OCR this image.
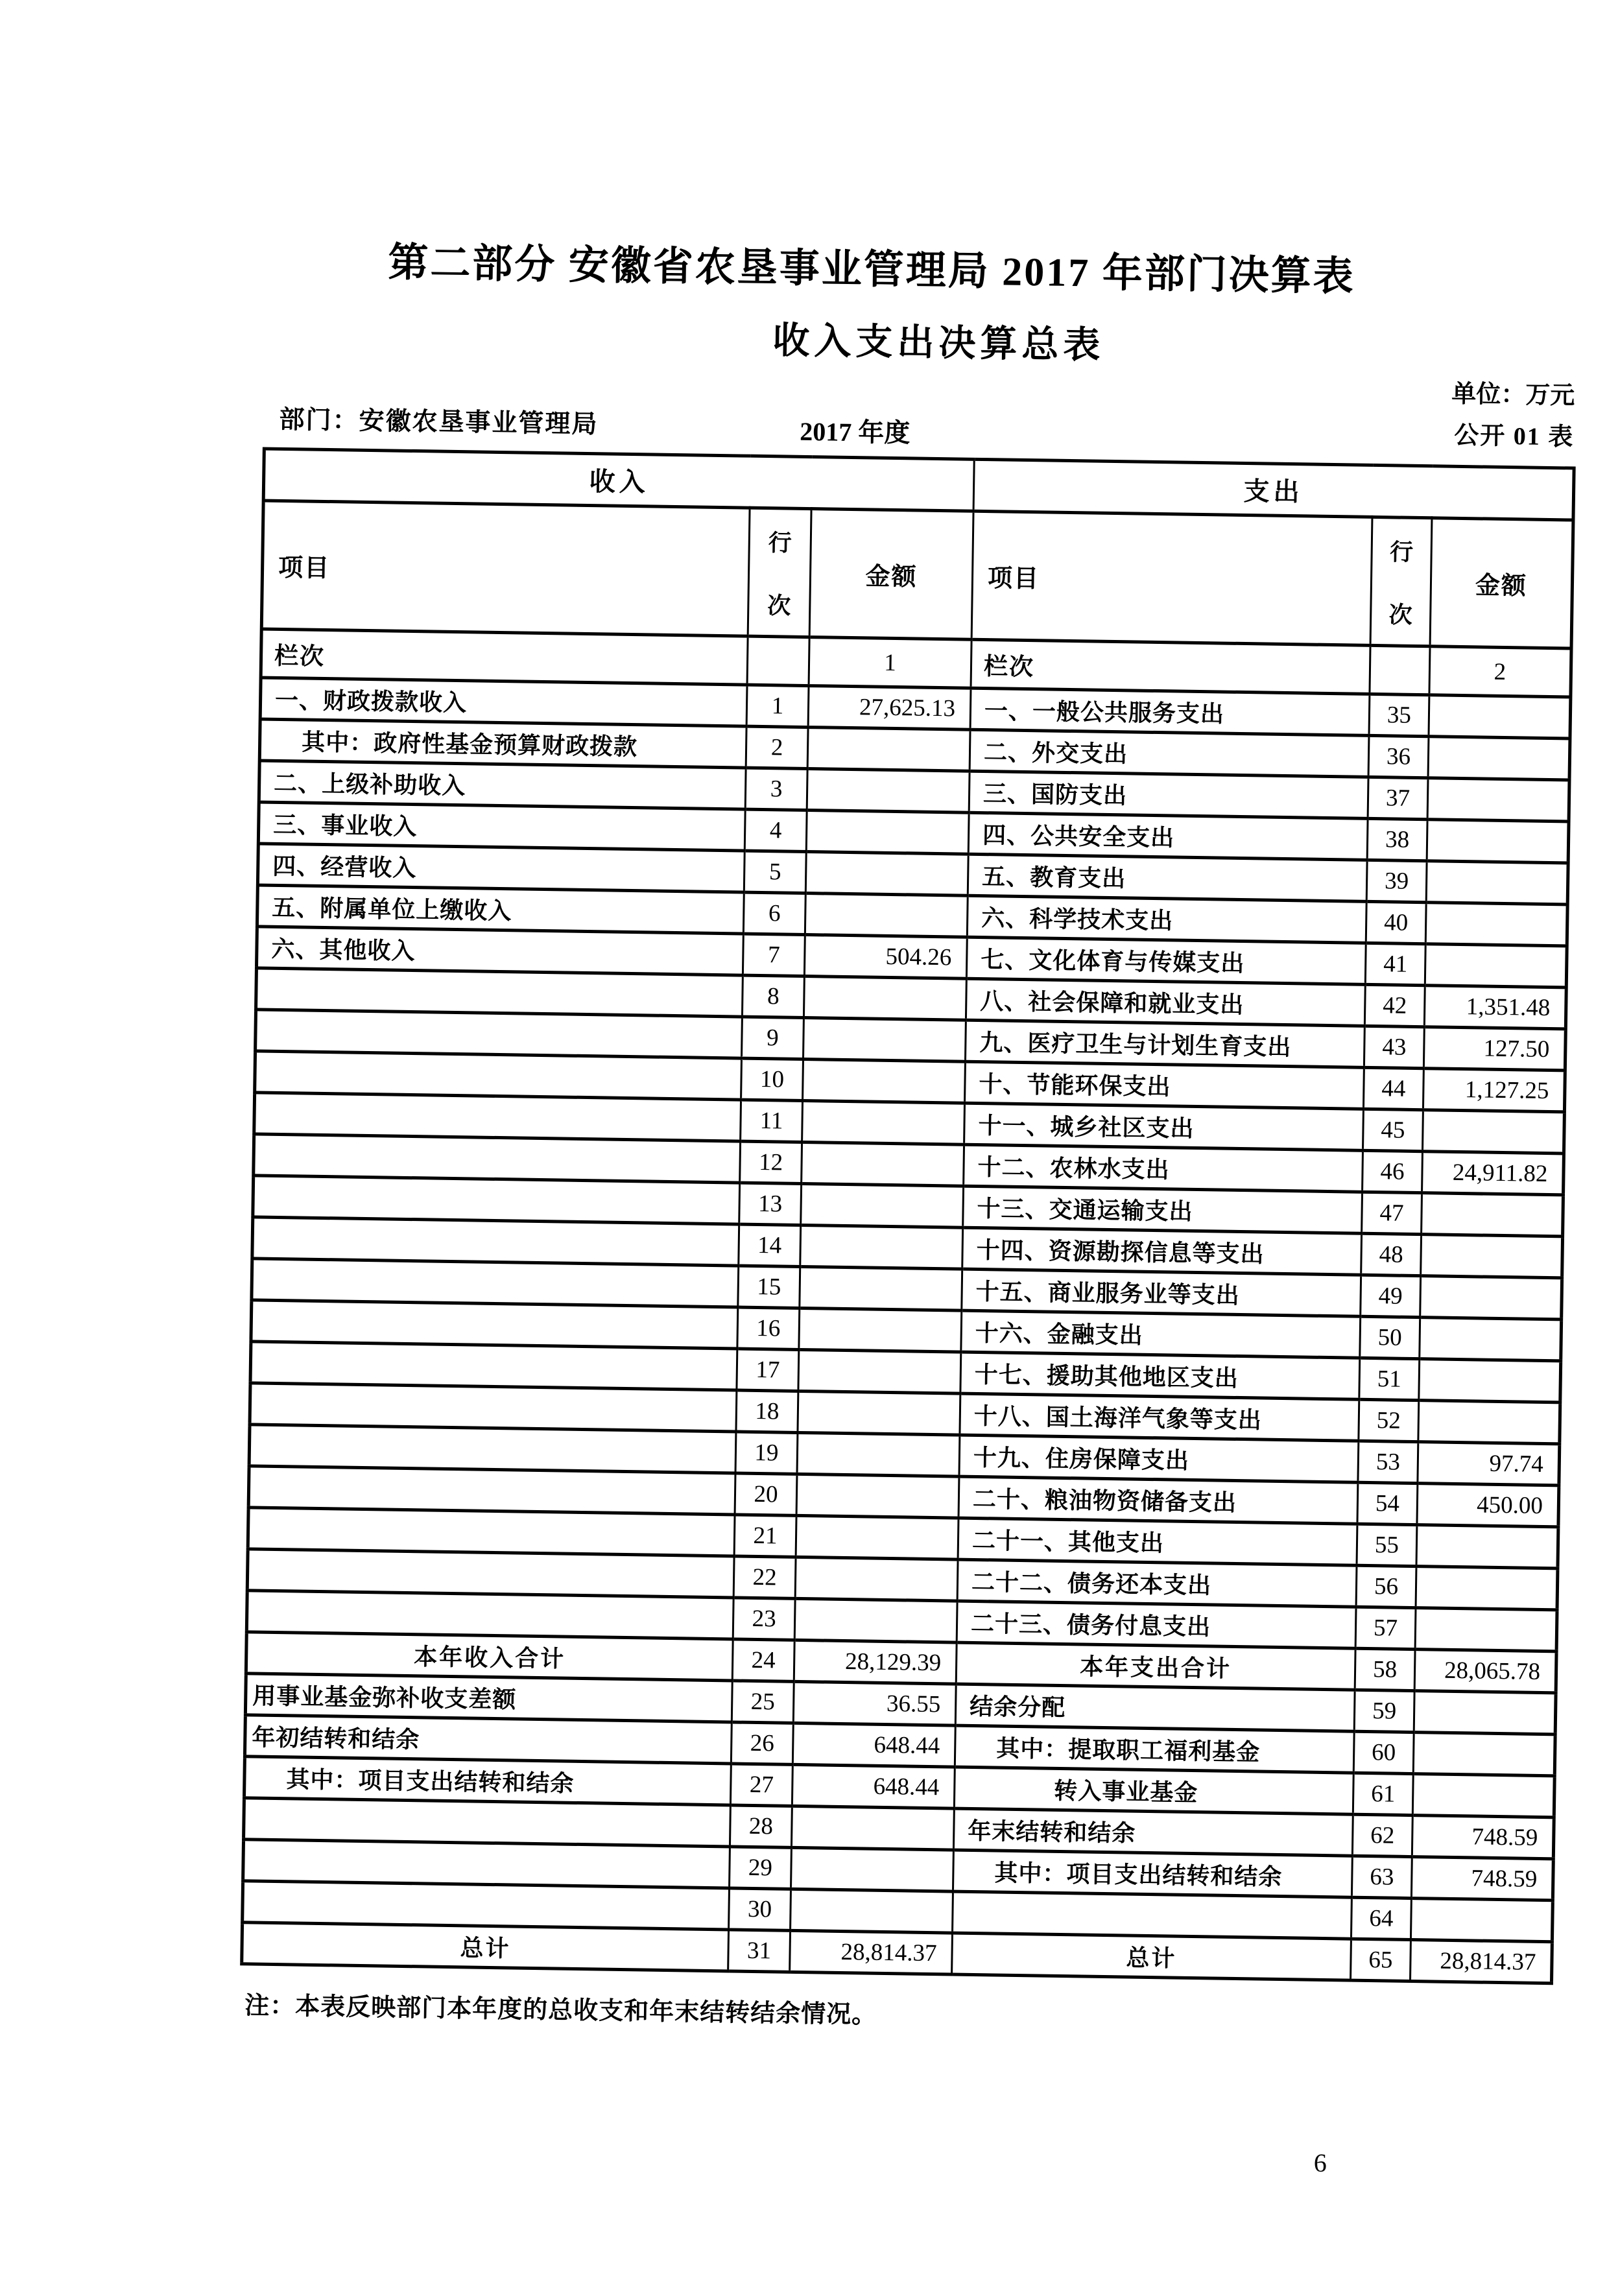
第二部分 安徽省农垦事业管理局 2017 年部门决算表
收入支出决算总表
部门：安徽农垦事业管理局	2017 年度
单位：万元
公开 01 表
收入			支出		
项目	行
次	金额	项目	行
次	金额
栏次		1	栏次		2
一、财政拨款收入	1	27,625.13	一、一般公共服务支出	35	
其中：政府性基金预算财政拨款	2		二、外交支出	36	
二、上级补助收入	3		三、国防支出	37	
三、事业收入	4		四、公共安全支出	38	
四、经营收入	5		五、教育支出	39	
五、附属单位上缴收入	6		六、科学技术支出	40	
六、其他收入	7	504.26	七、文化体育与传媒支出	41	
	8		八、社会保障和就业支出	42	1,351.48
	9		九、医疗卫生与计划生育支出	43	127.50
	10		十、节能环保支出	44	1,127.25
	11		十一、城乡社区支出	45	
	12		十二、农林水支出	46	24,911.82
	13		十三、交通运输支出	47	
	14		十四、资源勘探信息等支出	48	
	15		十五、商业服务业等支出	49	
	16		十六、金融支出	50	
	17		十七、援助其他地区支出	51	
	18		十八、国土海洋气象等支出	52	
	19		十九、住房保障支出	53	97.74
	20		二十、粮油物资储备支出	54	450.00
	21		二十一、其他支出	55	
	22		二十二、债务还本支出	56	
	23		二十三、债务付息支出	57	
本年收入合计	24	28,129.39	本年支出合计	58	28,065.78
用事业基金弥补收支差额	25	36.55	结余分配	59	
年初结转和结余	26	648.44	其中：提取职工福利基金	60	
其中：项目支出结转和结余	27	648.44	转入事业基金	61	
	28		年末结转和结余	62	748.59
	29		其中：项目支出结转和结余	63	748.59
	30			64	
总计	31	28,814.37	总计	65	28,814.37
注：本表反映部门本年度的总收支和年末结转结余情况。
6
